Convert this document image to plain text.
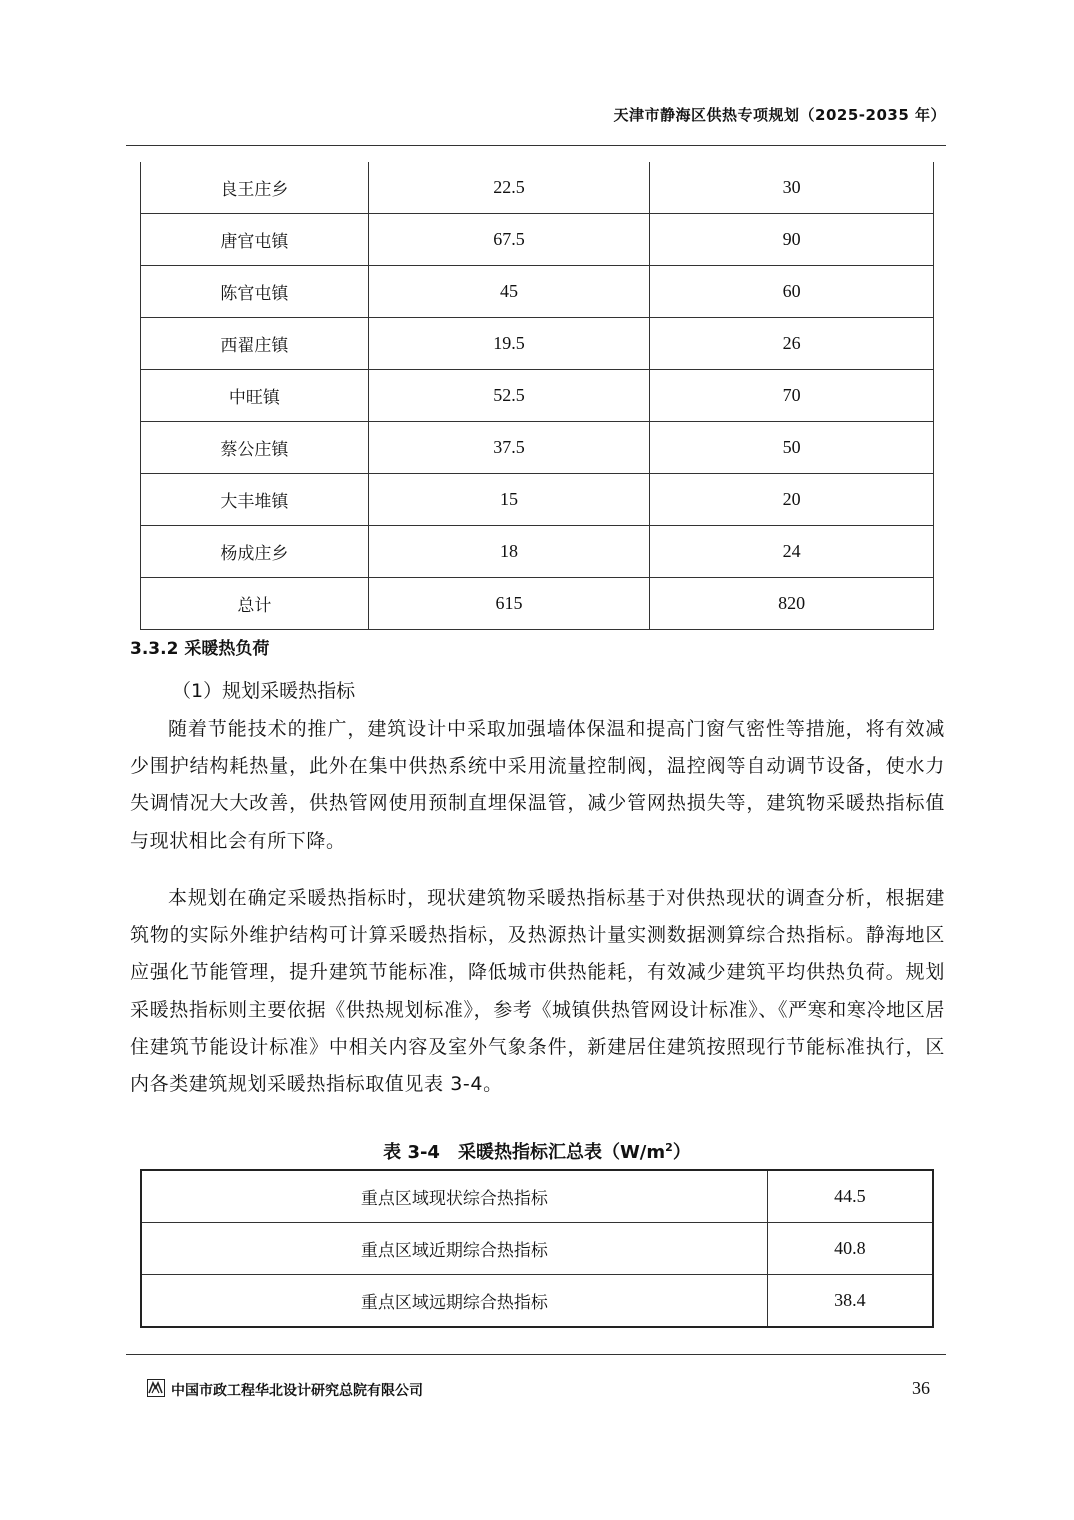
天津市静海区供热专项规划（2025-2035 年）
良王庄乡	22.5	30
唐官屯镇	67.5	90
陈官屯镇	45	60
西翟庄镇	19.5	26
中旺镇	52.5	70
蔡公庄镇	37.5	50
大丰堆镇	15	20
杨成庄乡	18	24
总计	615	820
3.3.2 采暖热负荷
（1）规划采暖热指标

随着节能技术的推广，建筑设计中采取加强墙体保温和提高门窗气密性等措施，将有效减少围护结构耗热量，此外在集中供热系统中采用流量控制阀，温控阀等自动调节设备，使水力失调情况大大改善，供热管网使用预制直埋保温管，减少管网热损失等，建筑物采暖热指标值与现状相比会有所下降。

本规划在确定采暖热指标时，现状建筑物采暖热指标基于对供热现状的调查分析，根据建筑物的实际外维护结构可计算采暖热指标，及热源热计量实测数据测算综合热指标。静海地区应强化节能管理，提升建筑节能标准，降低城市供热能耗，有效减少建筑平均供热负荷。规划采暖热指标则主要依据《供热规划标准》，参考《城镇供热管网设计标准》、《严寒和寒冷地区居住建筑节能设计标准》中相关内容及室外气象条件，新建居住建筑按照现行节能标准执行，区内各类建筑规划采暖热指标取值见表 3-4。

表 3-4　采暖热指标汇总表$(W/m^2)$
重点区域现状综合热指标	44.5
重点区域近期综合热指标	40.8
重点区域远期综合热指标	38.4
中国市政工程华北设计研究总院有限公司	36
